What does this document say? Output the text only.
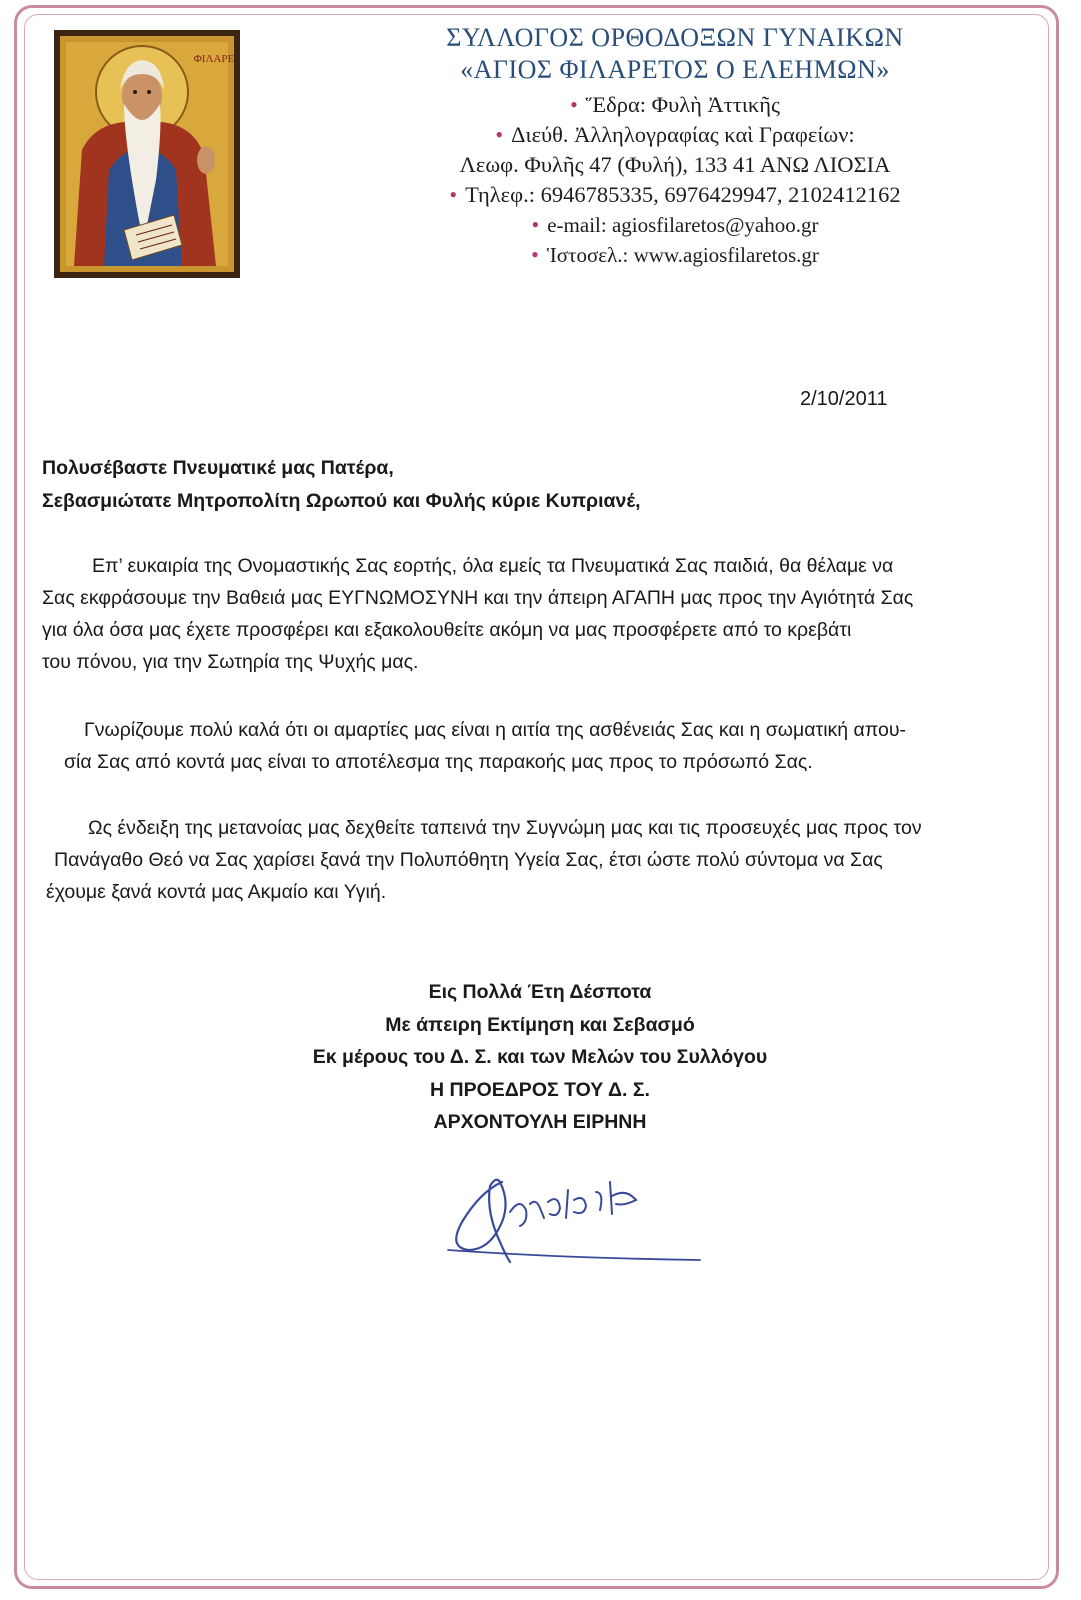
ΦΙΛΑΡΕ
ΣΥΛΛΟΓΟΣ ΟΡΘΟΔΟΞΩΝ ΓΥΝΑΙΚΩΝ
«ΑΓΙΟΣ ΦΙΛΑΡΕΤΟΣ Ο ΕΛΕΗΜΩΝ»
• Ἕδρα: Φυλὴ Ἀττικῆς
• Διεύθ. Ἀλληλογραφίας καὶ Γραφείων:
Λεωφ. Φυλῆς 47 (Φυλή), 133 41 ΑΝΩ ΛΙΟΣΙΑ
• Τηλεφ.: 6946785335, 6976429947, 2102412162
• e-mail: agiosfilaretos@yahoo.gr
• Ἱστοσελ.: www.agiosfilaretos.gr
2/10/2011
Πολυσέβαστε Πνευματικέ μας Πατέρα,
Σεβασμιώτατε Μητροπολίτη Ωρωπού και Φυλής κύριε Κυπριανέ,
Επ’ ευκαιρία της Ονομαστικής Σας εορτής, όλα εμείς τα Πνευματικά Σας παιδιά, θα θέλαμε να
Σας εκφράσουμε την Βαθειά μας ΕΥΓΝΩΜΟΣΥΝΗ και την άπειρη ΑΓΑΠΗ μας προς την Αγιότητά Σας
για όλα όσα μας έχετε προσφέρει και εξακολουθείτε ακόμη να μας προσφέρετε από το κρεβάτι
του πόνου, για την Σωτηρία της Ψυχής μας.
Γνωρίζουμε πολύ καλά ότι οι αμαρτίες μας είναι η αιτία της ασθένειάς Σας και η σωματική απου-
σία Σας από κοντά μας είναι το αποτέλεσμα της παρακοής μας προς το πρόσωπό Σας.
Ως ένδειξη της μετανοίας μας δεχθείτε ταπεινά την Συγνώμη μας και τις προσευχές μας προς τον
Πανάγαθο Θεό να Σας χαρίσει ξανά την Πολυπόθητη Υγεία Σας, έτσι ώστε πολύ σύντομα να Σας
έχουμε ξανά κοντά μας Ακμαίο και Υγιή.
Εις Πολλά Έτη Δέσποτα
Με άπειρη Εκτίμηση και Σεβασμό
Εκ μέρους του Δ. Σ. και των Μελών του Συλλόγου
Η ΠΡΟΕΔΡΟΣ ΤΟΥ Δ. Σ.
ΑΡΧΟΝΤΟΥΛΗ ΕΙΡΗΝΗ
